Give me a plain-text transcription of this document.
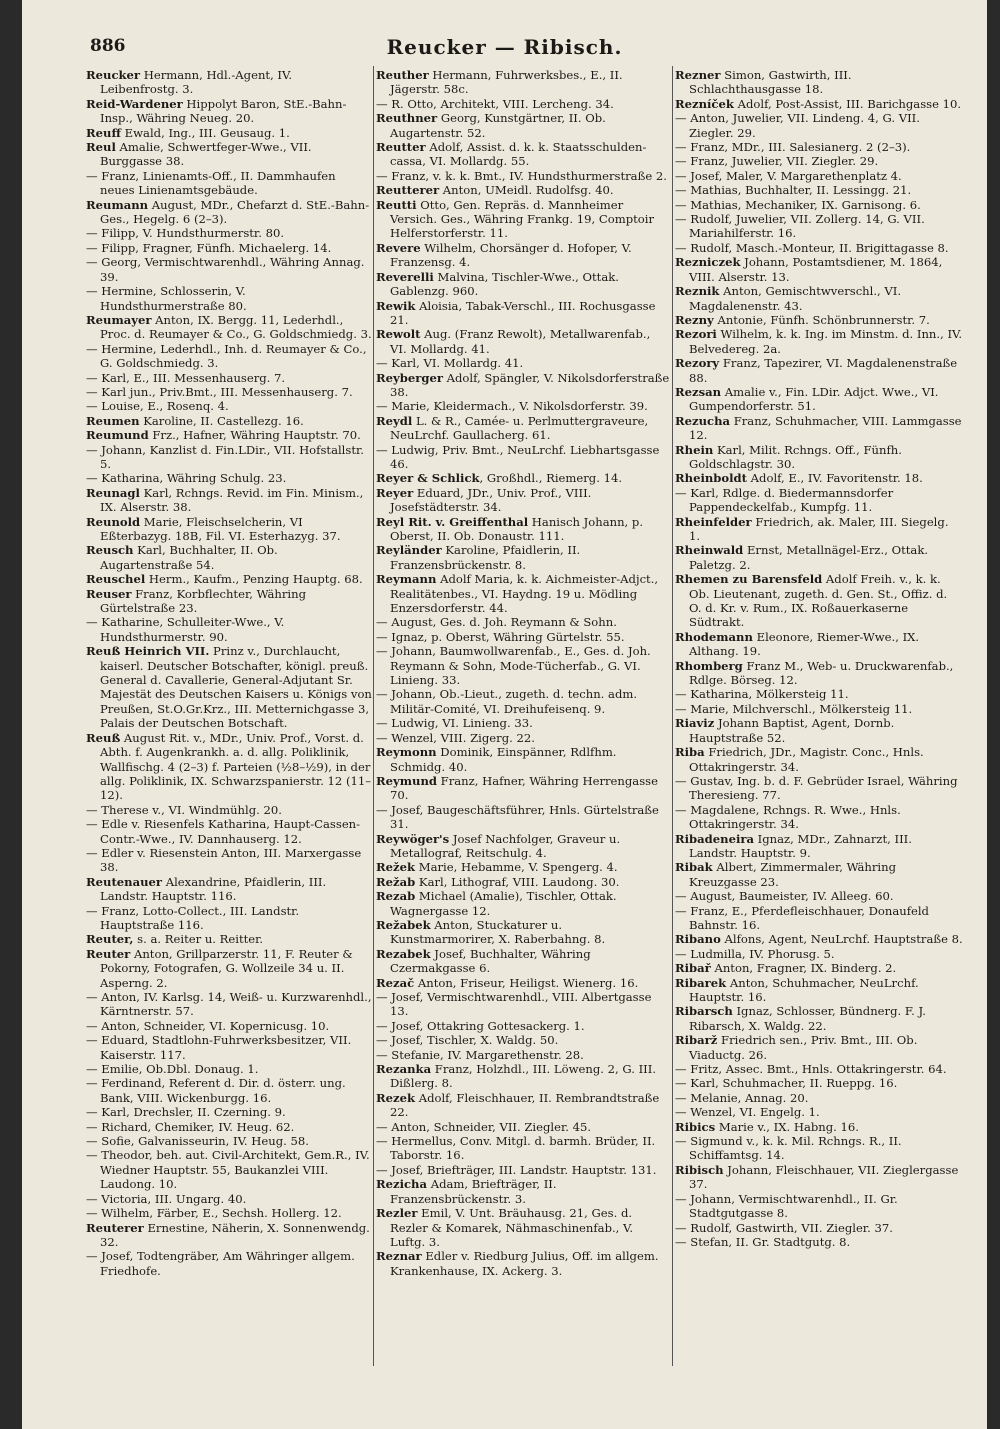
886	Reucker — Ribisch.

Reucker Hermann, Hdl.-Agent, IV. Leibenfrostg. 3.

Reid-Wardener Hippolyt Baron, StE.-Bahn-Insp., Währing Neueg. 20.

Reuff Ewald, Ing., III. Geusaug. 1.

Reul Amalie, Schwertfeger-Wwe., VII. Burggasse 38.

— Franz, Linienamts-Off., II. Dammhaufen neues Linienamtsgebäude.

Reumann August, MDr., Chefarzt d. StE.-Bahn-Ges., Hegelg. 6 (2–3).

— Filipp, V. Hundsthurmerstr. 80.

— Filipp, Fragner, Fünfh. Michaelerg. 14.

— Georg, Vermischtwarenhdl., Währing Annag. 39.

— Hermine, Schlosserin, V. Hundsthurmerstraße 80.

Reumayer Anton, IX. Bergg. 11, Lederhdl., Proc. d. Reumayer & Co., G. Goldschmiedg. 3.

— Hermine, Lederhdl., Inh. d. Reumayer & Co., G. Goldschmiedg. 3.

— Karl, E., III. Messenhauserg. 7.

— Karl jun., Priv.Bmt., III. Messenhauserg. 7.

— Louise, E., Rosenq. 4.

Reumen Karoline, II. Castellezg. 16.

Reumund Frz., Hafner, Währing Hauptstr. 70.

— Johann, Kanzlist d. Fin.LDir., VII. Hofstallstr. 5.

— Katharina, Währing Schulg. 23.

Reunagl Karl, Rchngs. Revid. im Fin. Minism., IX. Alserstr. 38.

Reunold Marie, Fleischselcherin, VI Eßterbazyg. 18B, Fil. VI. Esterhazyg. 37.

Reusch Karl, Buchhalter, II. Ob. Augartenstraße 54.

Reuschel Herm., Kaufm., Penzing Hauptg. 68.

Reuser Franz, Korbflechter, Währing Gürtelstraße 23.

— Katharine, Schulleiter-Wwe., V. Hundsthurmerstr. 90.

Reuß Heinrich VII. Prinz v., Durchlaucht, kaiserl. Deutscher Botschafter, königl. preuß. General d. Cavallerie, General-Adjutant Sr. Majestät des Deutschen Kaisers u. Königs von Preußen, St.O.Gr.Krz., III. Metternichgasse 3, Palais der Deutschen Botschaft.

Reuß August Rit. v., MDr., Univ. Prof., Vorst. d. Abth. f. Augenkrankh. a. d. allg. Poliklinik, Wallfischg. 4 (2–3) f. Parteien (½8–½9), in der allg. Poliklinik, IX. Schwarzspanierstr. 12 (11–12).

— Therese v., VI. Windmühlg. 20.

— Edle v. Riesenfels Katharina, Haupt-Cassen-Contr.-Wwe., IV. Dannhauserg. 12.

— Edler v. Riesenstein Anton, III. Marxergasse 38.

Reutenauer Alexandrine, Pfaidlerin, III. Landstr. Hauptstr. 116.

— Franz, Lotto-Collect., III. Landstr. Hauptstraße 116.

Reuter, s. a. Reiter u. Reitter.

Reuter Anton, Grillparzerstr. 11, F. Reuter & Pokorny, Fotografen, G. Wollzeile 34 u. II. Asperng. 2.

— Anton, IV. Karlsg. 14, Weiß- u. Kurzwarenhdl., Kärntnerstr. 57.

— Anton, Schneider, VI. Kopernicusg. 10.

— Eduard, Stadtlohn-Fuhrwerksbesitzer, VII. Kaiserstr. 117.

— Emilie, Ob.Dbl. Donaug. 1.

— Ferdinand, Referent d. Dir. d. österr. ung. Bank, VIII. Wickenburgg. 16.

— Karl, Drechsler, II. Czerning. 9.

— Richard, Chemiker, IV. Heug. 62.

— Sofie, Galvanisseurin, IV. Heug. 58.

— Theodor, beh. aut. Civil-Architekt, Gem.R., IV. Wiedner Hauptstr. 55, Baukanzlei VIII. Laudong. 10.

— Victoria, III. Ungarg. 40.

— Wilhelm, Färber, E., Sechsh. Hollerg. 12.

Reuterer Ernestine, Näherin, X. Sonnenwendg. 32.

— Josef, Todtengräber, Am Währinger allgem. Friedhofe.

Reuther Hermann, Fuhrwerksbes., E., II. Jägerstr. 58c.

— R. Otto, Architekt, VIII. Lercheng. 34.

Reuthner Georg, Kunstgärtner, II. Ob. Augartenstr. 52.

Reutter Adolf, Assist. d. k. k. Staatsschulden-cassa, VI. Mollardg. 55.

— Franz, v. k. k. Bmt., IV. Hundsthurmerstraße 2.

Reutterer Anton, UMeidl. Rudolfsg. 40.

Reutti Otto, Gen. Repräs. d. Mannheimer Versich. Ges., Währing Frankg. 19, Comptoir Helferstorferstr. 11.

Revere Wilhelm, Chorsänger d. Hofoper, V. Franzensg. 4.

Reverelli Malvina, Tischler-Wwe., Ottak. Gablenzg. 960.

Rewik Aloisia, Tabak-Verschl., III. Rochusgasse 21.

Rewolt Aug. (Franz Rewolt), Metallwarenfab., VI. Mollardg. 41.

— Karl, VI. Mollardg. 41.

Reyberger Adolf, Spängler, V. Nikolsdorferstraße 38.

— Marie, Kleidermach., V. Nikolsdorferstr. 39.

Reydl L. & R., Camée- u. Perlmuttergraveure, NeuLrchf. Gaullacherg. 61.

— Ludwig, Priv. Bmt., NeuLrchf. Liebhartsgasse 46.

Reyer & Schlick, Großhdl., Riemerg. 14.

Reyer Eduard, JDr., Univ. Prof., VIII. Josefstädterstr. 34.

Reyl Rit. v. Greiffenthal Hanisch Johann, p. Oberst, II. Ob. Donaustr. 111.

Reyländer Karoline, Pfaidlerin, II. Franzensbrückenstr. 8.

Reymann Adolf Maria, k. k. Aichmeister-Adjct., Realitätenbes., VI. Haydng. 19 u. Mödling Enzersdorferstr. 44.

— August, Ges. d. Joh. Reymann & Sohn.

— Ignaz, p. Oberst, Währing Gürtelstr. 55.

— Johann, Baumwollwarenfab., E., Ges. d. Joh. Reymann & Sohn, Mode-Tücherfab., G. VI. Linieng. 33.

— Johann, Ob.-Lieut., zugeth. d. techn. adm. Militär-Comité, VI. Dreihufeisenq. 9.

— Ludwig, VI. Linieng. 33.

— Wenzel, VIII. Zigerg. 22.

Reymonn Dominik, Einspänner, Rdlfhm. Schmidg. 40.

Reymund Franz, Hafner, Währing Herrengasse 70.

— Josef, Baugeschäftsführer, Hnls. Gürtelstraße 31.

Reywöger's Josef Nachfolger, Graveur u. Metallograf, Reitschulg. 4.

Režek Marie, Hebamme, V. Spengerg. 4.

Režab Karl, Lithograf, VIII. Laudong. 30.

Rezab Michael (Amalie), Tischler, Ottak. Wagnergasse 12.

Režabek Anton, Stuckaturer u. Kunstmarmorirer, X. Raberbahng. 8.

Rezabek Josef, Buchhalter, Währing Czermakgasse 6.

Rezač Anton, Friseur, Heiligst. Wienerg. 16.

— Josef, Vermischtwarenhdl., VIII. Albertgasse 13.

— Josef, Ottakring Gottesackerg. 1.

— Josef, Tischler, X. Waldg. 50.

— Stefanie, IV. Margarethenstr. 28.

Rezanka Franz, Holzhdl., III. Löweng. 2, G. III. Dißlerg. 8.

Rezek Adolf, Fleischhauer, II. Rembrandtstraße 22.

— Anton, Schneider, VII. Ziegler. 45.

— Hermellus, Conv. Mitgl. d. barmh. Brüder, II. Taborstr. 16.

— Josef, Briefträger, III. Landstr. Hauptstr. 131.

Rezicha Adam, Briefträger, II. Franzensbrückenstr. 3.

Rezler Emil, V. Unt. Bräuhausg. 21, Ges. d. Rezler & Komarek, Nähmaschinenfab., V. Luftg. 3.

Reznar Edler v. Riedburg Julius, Off. im allgem. Krankenhause, IX. Ackerg. 3.

Rezner Simon, Gastwirth, III. Schlachthausgasse 18.

Rezníček Adolf, Post-Assist, III. Barichgasse 10.

— Anton, Juwelier, VII. Lindeng. 4, G. VII. Ziegler. 29.

— Franz, MDr., III. Salesianerg. 2 (2–3).

— Franz, Juwelier, VII. Ziegler. 29.

— Josef, Maler, V. Margarethenplatz 4.

— Mathias, Buchhalter, II. Lessingg. 21.

— Mathias, Mechaniker, IX. Garnisong. 6.

— Rudolf, Juwelier, VII. Zollerg. 14, G. VII. Mariahilferstr. 16.

— Rudolf, Masch.-Monteur, II. Brigittagasse 8.

Rezniczek Johann, Postamtsdiener, M. 1864, VIII. Alserstr. 13.

Reznik Anton, Gemischtwverschl., VI. Magdalenenstr. 43.

Rezny Antonie, Fünfh. Schönbrunnerstr. 7.

Rezori Wilhelm, k. k. Ing. im Minstm. d. Inn., IV. Belvedereg. 2a.

Rezory Franz, Tapezirer, VI. Magdalenenstraße 88.

Rezsan Amalie v., Fin. LDir. Adjct. Wwe., VI. Gumpendorferstr. 51.

Rezucha Franz, Schuhmacher, VIII. Lammgasse 12.

Rhein Karl, Milit. Rchngs. Off., Fünfh. Goldschlagstr. 30.

Rheinboldt Adolf, E., IV. Favoritenstr. 18.

— Karl, Rdlge. d. Biedermannsdorfer Pappendeckelfab., Kumpfg. 11.

Rheinfelder Friedrich, ak. Maler, III. Siegelg. 1.

Rheinwald Ernst, Metallnägel-Erz., Ottak. Paletzg. 2.

Rhemen zu Barensfeld Adolf Freih. v., k. k. Ob. Lieutenant, zugeth. d. Gen. St., Offiz. d. O. d. Kr. v. Rum., IX. Roßauerkaserne Südtrakt.

Rhodemann Eleonore, Riemer-Wwe., IX. Althang. 19.

Rhomberg Franz M., Web- u. Druckwarenfab., Rdlge. Börseg. 12.

— Katharina, Mölkersteig 11.

— Marie, Milchverschl., Mölkersteig 11.

Riaviz Johann Baptist, Agent, Dornb. Hauptstraße 52.

Riba Friedrich, JDr., Magistr. Conc., Hnls. Ottakringerstr. 34.

— Gustav, Ing. b. d. F. Gebrüder Israel, Währing Theresieng. 77.

— Magdalene, Rchngs. R. Wwe., Hnls. Ottakringerstr. 34.

Ribadeneira Ignaz, MDr., Zahnarzt, III. Landstr. Hauptstr. 9.

Ribak Albert, Zimmermaler, Währing Kreuzgasse 23.

— August, Baumeister, IV. Alleeg. 60.

— Franz, E., Pferdefleischhauer, Donaufeld Bahnstr. 16.

Ribano Alfons, Agent, NeuLrchf. Hauptstraße 8.

— Ludmilla, IV. Phorusg. 5.

Ribař Anton, Fragner, IX. Binderg. 2.

Ribarek Anton, Schuhmacher, NeuLrchf. Hauptstr. 16.

Ribarsch Ignaz, Schlosser, Bündnerg. F. J. Ribarsch, X. Waldg. 22.

Ribarž Friedrich sen., Priv. Bmt., III. Ob. Viaductg. 26.

— Fritz, Assec. Bmt., Hnls. Ottakringerstr. 64.

— Karl, Schuhmacher, II. Rueppg. 16.

— Melanie, Annag. 20.

— Wenzel, VI. Engelg. 1.

Ribics Marie v., IX. Habng. 16.

— Sigmund v., k. k. Mil. Rchngs. R., II. Schiffamtsg. 14.

Ribisch Johann, Fleischhauer, VII. Zieglergasse 37.

— Johann, Vermischtwarenhdl., II. Gr. Stadtgutgasse 8.

— Rudolf, Gastwirth, VII. Ziegler. 37.

— Stefan, II. Gr. Stadtgutg. 8.
